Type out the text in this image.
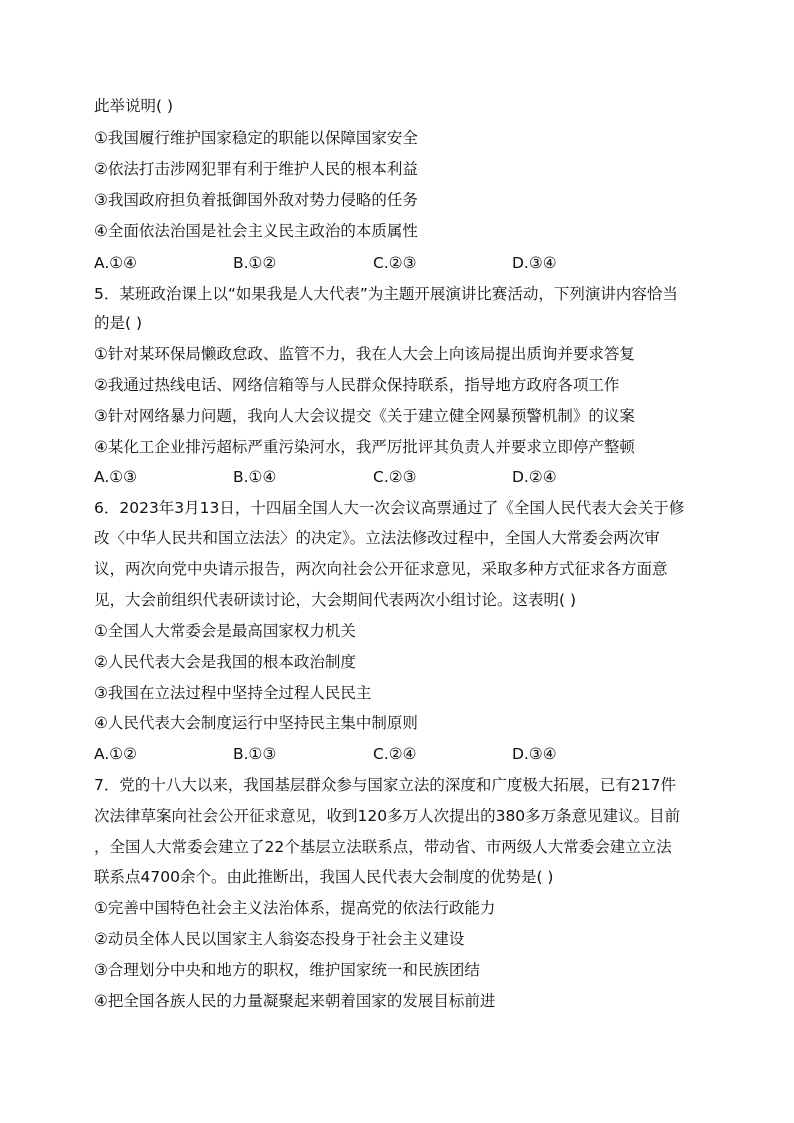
此举说明( )
①我国履行维护国家稳定的职能以保障国家安全
②依法打击涉网犯罪有利于维护人民的根本利益
③我国政府担负着抵御国外敌对势力侵略的任务
④全面依法治国是社会主义民主政治的本质属性
A.①④	B.①②	C.②③	D.③④
5．某班政治课上以“如果我是人大代表”为主题开展演讲比赛活动，下列演讲内容恰当
的是( )
①针对某环保局懒政怠政、监管不力，我在人大会上向该局提出质询并要求答复
②我通过热线电话、网络信箱等与人民群众保持联系，指导地方政府各项工作
③针对网络暴力问题，我向人大会议提交《关于建立健全网暴预警机制》的议案
④某化工企业排污超标严重污染河水，我严厉批评其负责人并要求立即停产整顿
A.①③	B.①④	C.②③	D.②④
6．2023年3月13日，十四届全国人大一次会议高票通过了《全国人民代表大会关于修
改〈中华人民共和国立法法〉的决定》。立法法修改过程中，全国人大常委会两次审
议，两次向党中央请示报告，两次向社会公开征求意见，采取多种方式征求各方面意
见，大会前组织代表研读讨论，大会期间代表两次小组讨论。这表明( )
①全国人大常委会是最高国家权力机关
②人民代表大会是我国的根本政治制度
③我国在立法过程中坚持全过程人民民主
④人民代表大会制度运行中坚持民主集中制原则
A.①②	B.①③	C.②④	D.③④
7．党的十八大以来，我国基层群众参与国家立法的深度和广度极大拓展，已有217件
次法律草案向社会公开征求意见，收到120多万人次提出的380多万条意见建议。目前
，全国人大常委会建立了22个基层立法联系点，带动省、市两级人大常委会建立立法
联系点4700余个。由此推断出，我国人民代表大会制度的优势是( )
①完善中国特色社会主义法治体系，提高党的依法行政能力
②动员全体人民以国家主人翁姿态投身于社会主义建设
③合理划分中央和地方的职权，维护国家统一和民族团结
④把全国各族人民的力量凝聚起来朝着国家的发展目标前进
